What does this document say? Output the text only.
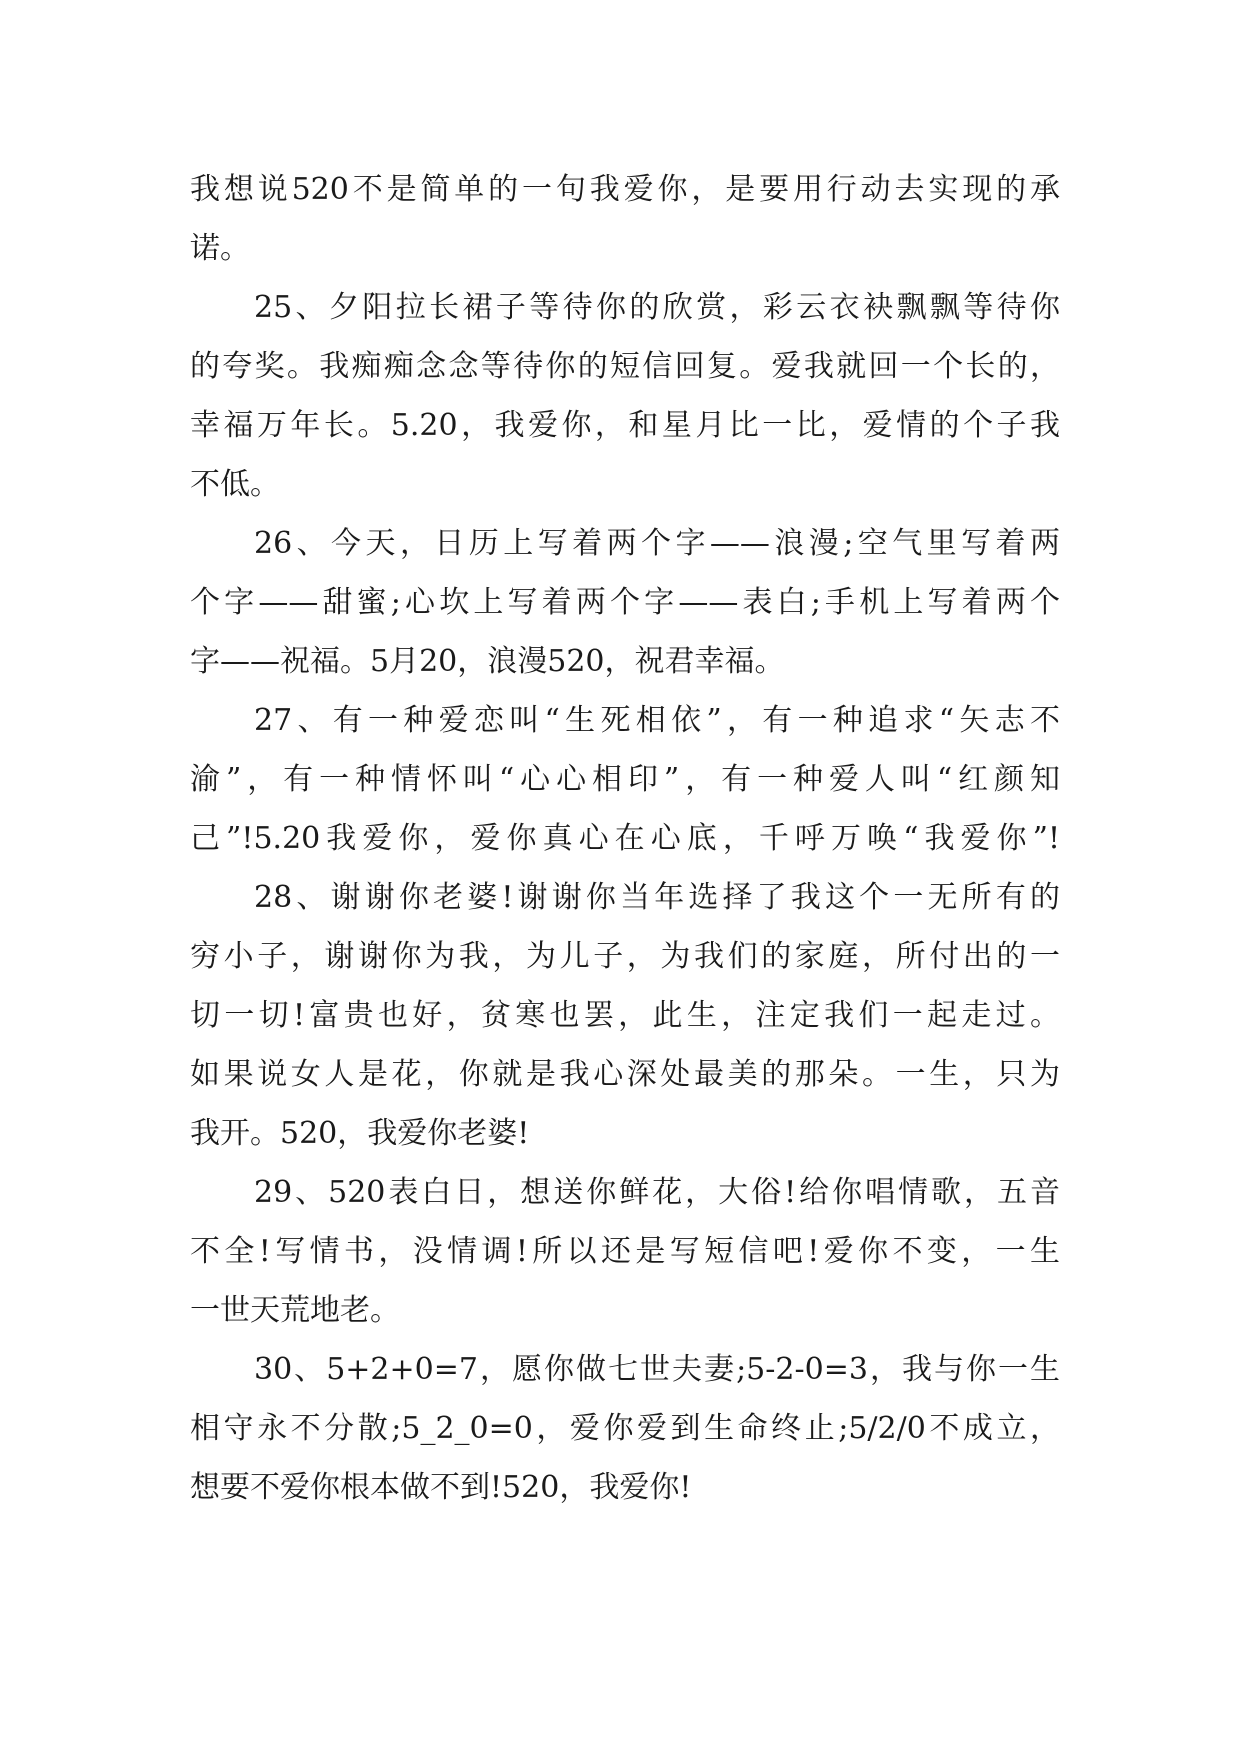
我想说520不是简单的一句我爱你，是要用行动去实现的承
诺。
25、夕阳拉长裙子等待你的欣赏，彩云衣袂飘飘等待你
的夸奖。我痴痴念念等待你的短信回复。爱我就回一个长的，
幸福万年长。5.20，我爱你，和星月比一比，爱情的个子我
不低。
26、今天，日历上写着两个字——浪漫;空气里写着两
个字——甜蜜;心坎上写着两个字——表白;手机上写着两个
字——祝福。5月20，浪漫520，祝君幸福。
27、有一种爱恋叫“生死相依”，有一种追求“矢志不
渝”，有一种情怀叫“心心相印”，有一种爱人叫“红颜知
己”!5.20我爱你，爱你真心在心底，千呼万唤“我爱你”!
28、谢谢你老婆!谢谢你当年选择了我这个一无所有的
穷小子，谢谢你为我，为儿子，为我们的家庭，所付出的一
切一切!富贵也好，贫寒也罢，此生，注定我们一起走过。
如果说女人是花，你就是我心深处最美的那朵。一生，只为
我开。520，我爱你老婆!
29、520表白日，想送你鲜花，大俗!给你唱情歌，五音
不全!写情书，没情调!所以还是写短信吧!爱你不变，一生
一世天荒地老。
30、5+2+0=7，愿你做七世夫妻;5-2-0=3，我与你一生
相守永不分散;5_2_0=0，爱你爱到生命终止;5/2/0不成立，
想要不爱你根本做不到!520，我爱你!
